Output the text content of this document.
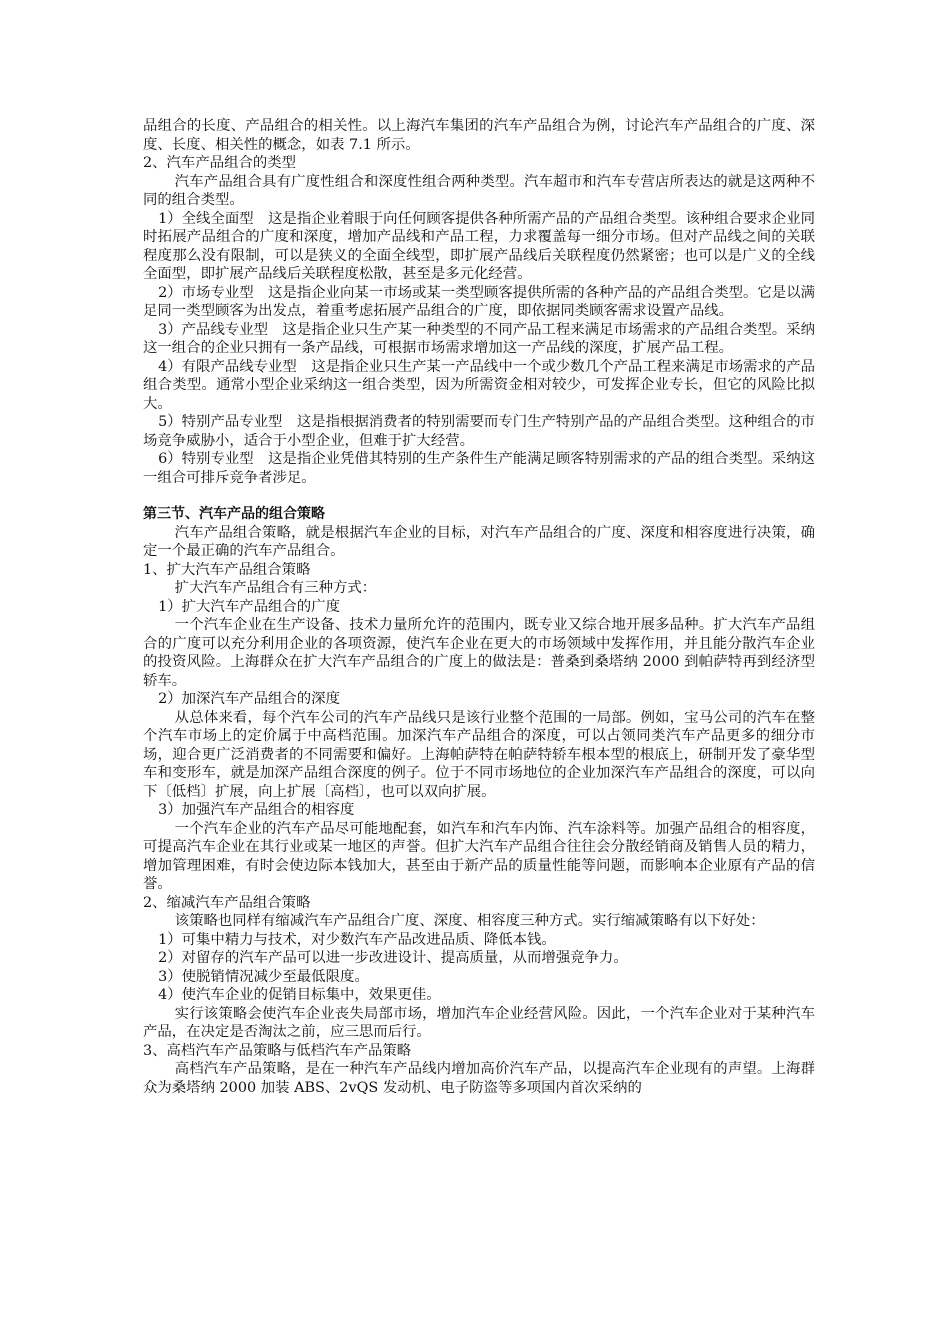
品组合的长度、产品组合的相关性。以上海汽车集团的汽车产品组合为例，讨论汽车产品组合的广度、深度、长度、相关性的概念，如表 7.1 所示。

2、汽车产品组合的类型

汽车产品组合具有广度性组合和深度性组合两种类型。汽车超市和汽车专营店所表达的就是这两种不同的组合类型。

1）全线全面型　这是指企业着眼于向任何顾客提供各种所需产品的产品组合类型。该种组合要求企业同时拓展产品组合的广度和深度，增加产品线和产品工程，力求覆盖每一细分市场。但对产品线之间的关联程度那么没有限制，可以是狭义的全面全线型，即扩展产品线后关联程度仍然紧密；也可以是广义的全线全面型，即扩展产品线后关联程度松散，甚至是多元化经营。

2）市场专业型　这是指企业向某一市场或某一类型顾客提供所需的各种产品的产品组合类型。它是以满足同一类型顾客为出发点，着重考虑拓展产品组合的广度，即依据同类顾客需求设置产品线。

3）产品线专业型　这是指企业只生产某一种类型的不同产品工程来满足市场需求的产品组合类型。采纳这一组合的企业只拥有一条产品线，可根据市场需求增加这一产品线的深度，扩展产品工程。

4）有限产品线专业型　这是指企业只生产某一产品线中一个或少数几个产品工程来满足市场需求的产品组合类型。通常小型企业采纳这一组合类型，因为所需资金相对较少，可发挥企业专长，但它的风险比拟大。

5）特别产品专业型　这是指根据消费者的特别需要而专门生产特别产品的产品组合类型。这种组合的市场竞争威胁小，适合于小型企业，但难于扩大经营。

6）特别专业型　这是指企业凭借其特别的生产条件生产能满足顾客特别需求的产品的组合类型。采纳这一组合可排斥竞争者涉足。

第三节、汽车产品的组合策略

汽车产品组合策略，就是根据汽车企业的目标，对汽车产品组合的广度、深度和相容度进行决策，确定一个最正确的汽车产品组合。

1、扩大汽车产品组合策略

扩大汽车产品组合有三种方式：

1）扩大汽车产品组合的广度

一个汽车企业在生产设备、技术力量所允许的范围内，既专业又综合地开展多品种。扩大汽车产品组合的广度可以充分利用企业的各项资源，使汽车企业在更大的市场领域中发挥作用，并且能分散汽车企业的投资风险。上海群众在扩大汽车产品组合的广度上的做法是：普桑到桑塔纳 2000 到帕萨特再到经济型轿车。

2）加深汽车产品组合的深度

从总体来看，每个汽车公司的汽车产品线只是该行业整个范围的一局部。例如，宝马公司的汽车在整个汽车市场上的定价属于中高档范围。加深汽车产品组合的深度，可以占领同类汽车产品更多的细分市场，迎合更广泛消费者的不同需要和偏好。上海帕萨特在帕萨特轿车根本型的根底上，研制开发了豪华型车和变形车，就是加深产品组合深度的例子。位于不同市场地位的企业加深汽车产品组合的深度，可以向下〔低档〕扩展，向上扩展〔高档〕，也可以双向扩展。

3）加强汽车产品组合的相容度

一个汽车企业的汽车产品尽可能地配套，如汽车和汽车内饰、汽车涂料等。加强产品组合的相容度，可提高汽车企业在其行业或某一地区的声誉。但扩大汽车产品组合往往会分散经销商及销售人员的精力，增加管理困难，有时会使边际本钱加大，甚至由于新产品的质量性能等问题，而影响本企业原有产品的信誉。

2、缩减汽车产品组合策略

该策略也同样有缩减汽车产品组合广度、深度、相容度三种方式。实行缩减策略有以下好处：

1）可集中精力与技术，对少数汽车产品改进品质、降低本钱。

2）对留存的汽车产品可以进一步改进设计、提高质量，从而增强竞争力。

3）使脱销情况减少至最低限度。

4）使汽车企业的促销目标集中，效果更佳。

实行该策略会使汽车企业丧失局部市场，增加汽车企业经营风险。因此，一个汽车企业对于某种汽车产品，在决定是否淘汰之前，应三思而后行。

3、高档汽车产品策略与低档汽车产品策略

高档汽车产品策略，是在一种汽车产品线内增加高价汽车产品，以提高汽车企业现有的声望。上海群众为桑塔纳 2000 加装 ABS、2vQS 发动机、电子防盗等多项国内首次采纳的
